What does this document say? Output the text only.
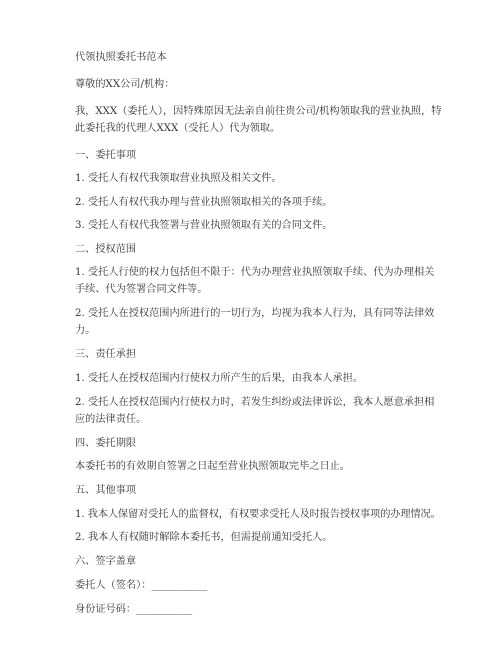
代领执照委托书范本
尊敬的XX公司/机构：
我，XXX（委托人），因特殊原因无法亲自前往贵公司/机构领取我的营业执照，特
此委托我的代理人XXX（受托人）代为领取。
一、委托事项
1. 受托人有权代我领取营业执照及相关文件。
2. 受托人有权代我办理与营业执照领取相关的各项手续。
3. 受托人有权代我签署与营业执照领取有关的合同文件。
二、授权范围
1. 受托人行使的权力包括但不限于：代为办理营业执照领取手续、代为办理相关
手续、代为签署合同文件等。
2. 受托人在授权范围内所进行的一切行为，均视为我本人行为，具有同等法律效
力。
三、责任承担
1. 受托人在授权范围内行使权力所产生的后果，由我本人承担。
2. 受托人在授权范围内行使权力时，若发生纠纷或法律诉讼，我本人愿意承担相
应的法律责任。
四、委托期限
本委托书的有效期自签署之日起至营业执照领取完毕之日止。
五、其他事项
1. 我本人保留对受托人的监督权，有权要求受托人及时报告授权事项的办理情况。
2. 我本人有权随时解除本委托书，但需提前通知受托人。
六、签字盖章
委托人（签名）：___________
身份证号码：___________
